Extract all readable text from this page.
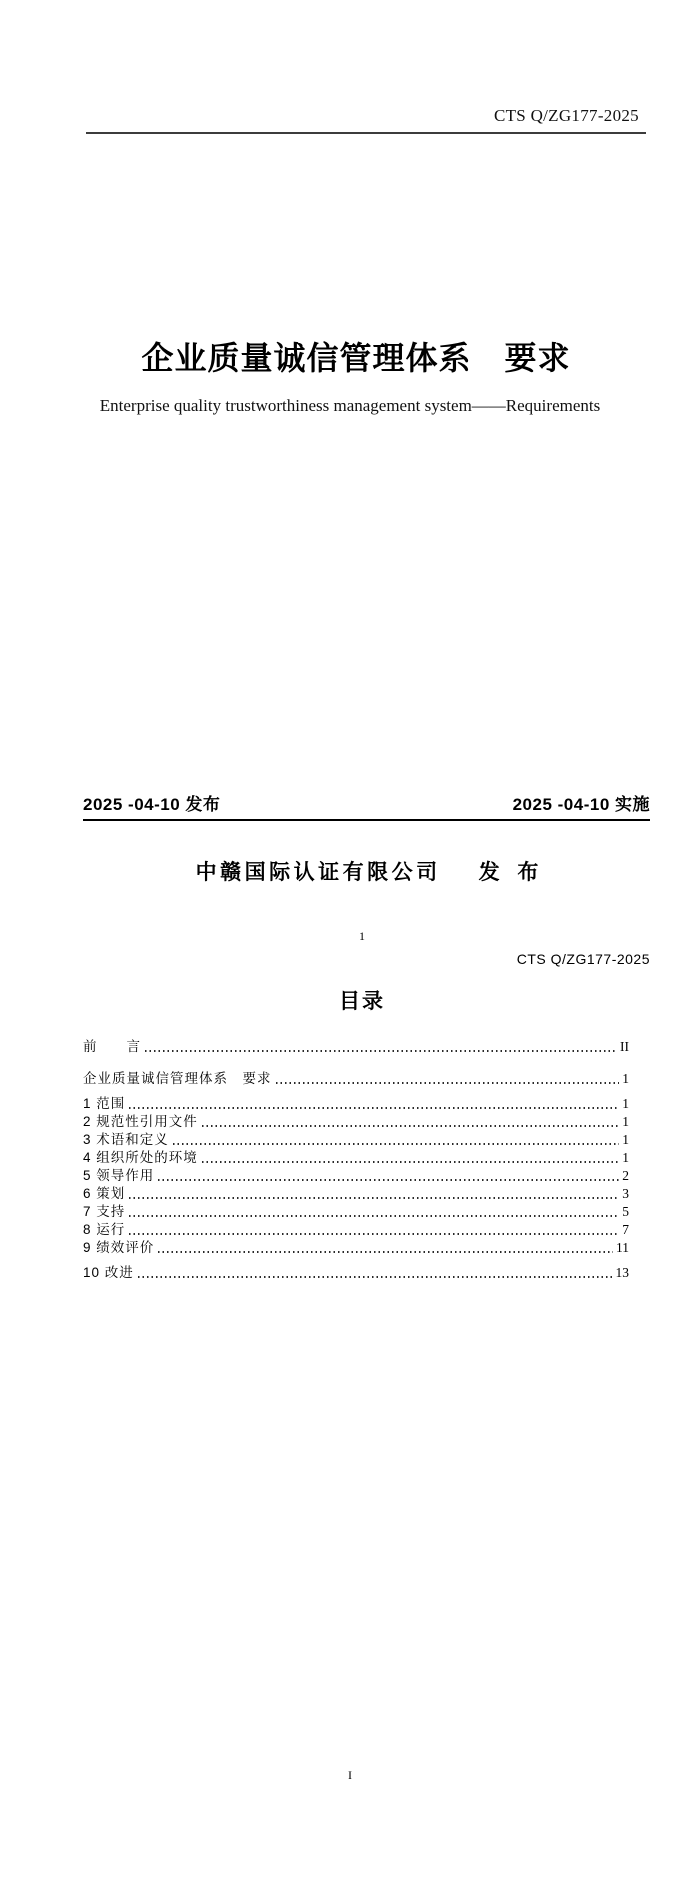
CTS Q/ZG177-2025
企业质量诚信管理体系　要求
Enterprise quality trustworthiness management system——Requirements
2025 -04-10 发布	2025 -04-10 实施
中赣国际认证有限公司 发 布
1
CTS Q/ZG177-2025
目录
前　　言	II
企业质量诚信管理体系　要求	1
1 范围	1
2 规范性引用文件	1
3 术语和定义	1
4 组织所处的环境	1
5 领导作用	2
6 策划	3
7 支持	5
8 运行	7
9 绩效评价	11
10 改进	13
I
